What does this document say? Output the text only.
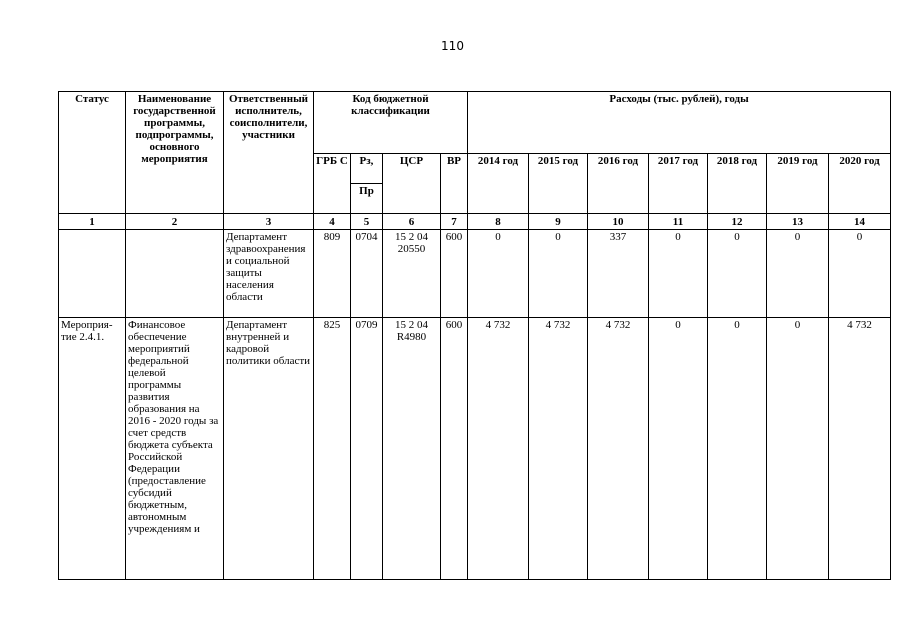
110
Статус	Наименование государственной программы, подпрограммы, основного мероприятия	Ответственный исполнитель, соисполнители, участники	Код бюджетной классификации				Расходы (тыс. рублей), годы						
			ГРБ С	Рз,	ЦСР	ВР	2014 год	2015 год	2016 год	2017 год	2018 год	2019 год	2020 год
				Пр									
1	2	3	4	5	6	7	8	9	10	11	12	13	14
		Департамент здравоохранения и социальной защиты населения области	809	0704	15 2 04 20550	600	0	0	337	0	0	0	0
Мероприя-тие 2.4.1.	Финансовое обеспечение мероприятий федеральной целевой программы развития образования на 2016 - 2020 годы за счет средств бюджета субъекта Российской Федерации (предоставление субсидий бюджетным, автономным учреждениям и	Департамент внутренней и кадровой политики области	825	0709	15 2 04 R4980	600	4 732	4 732	4 732	0	0	0	4 732
